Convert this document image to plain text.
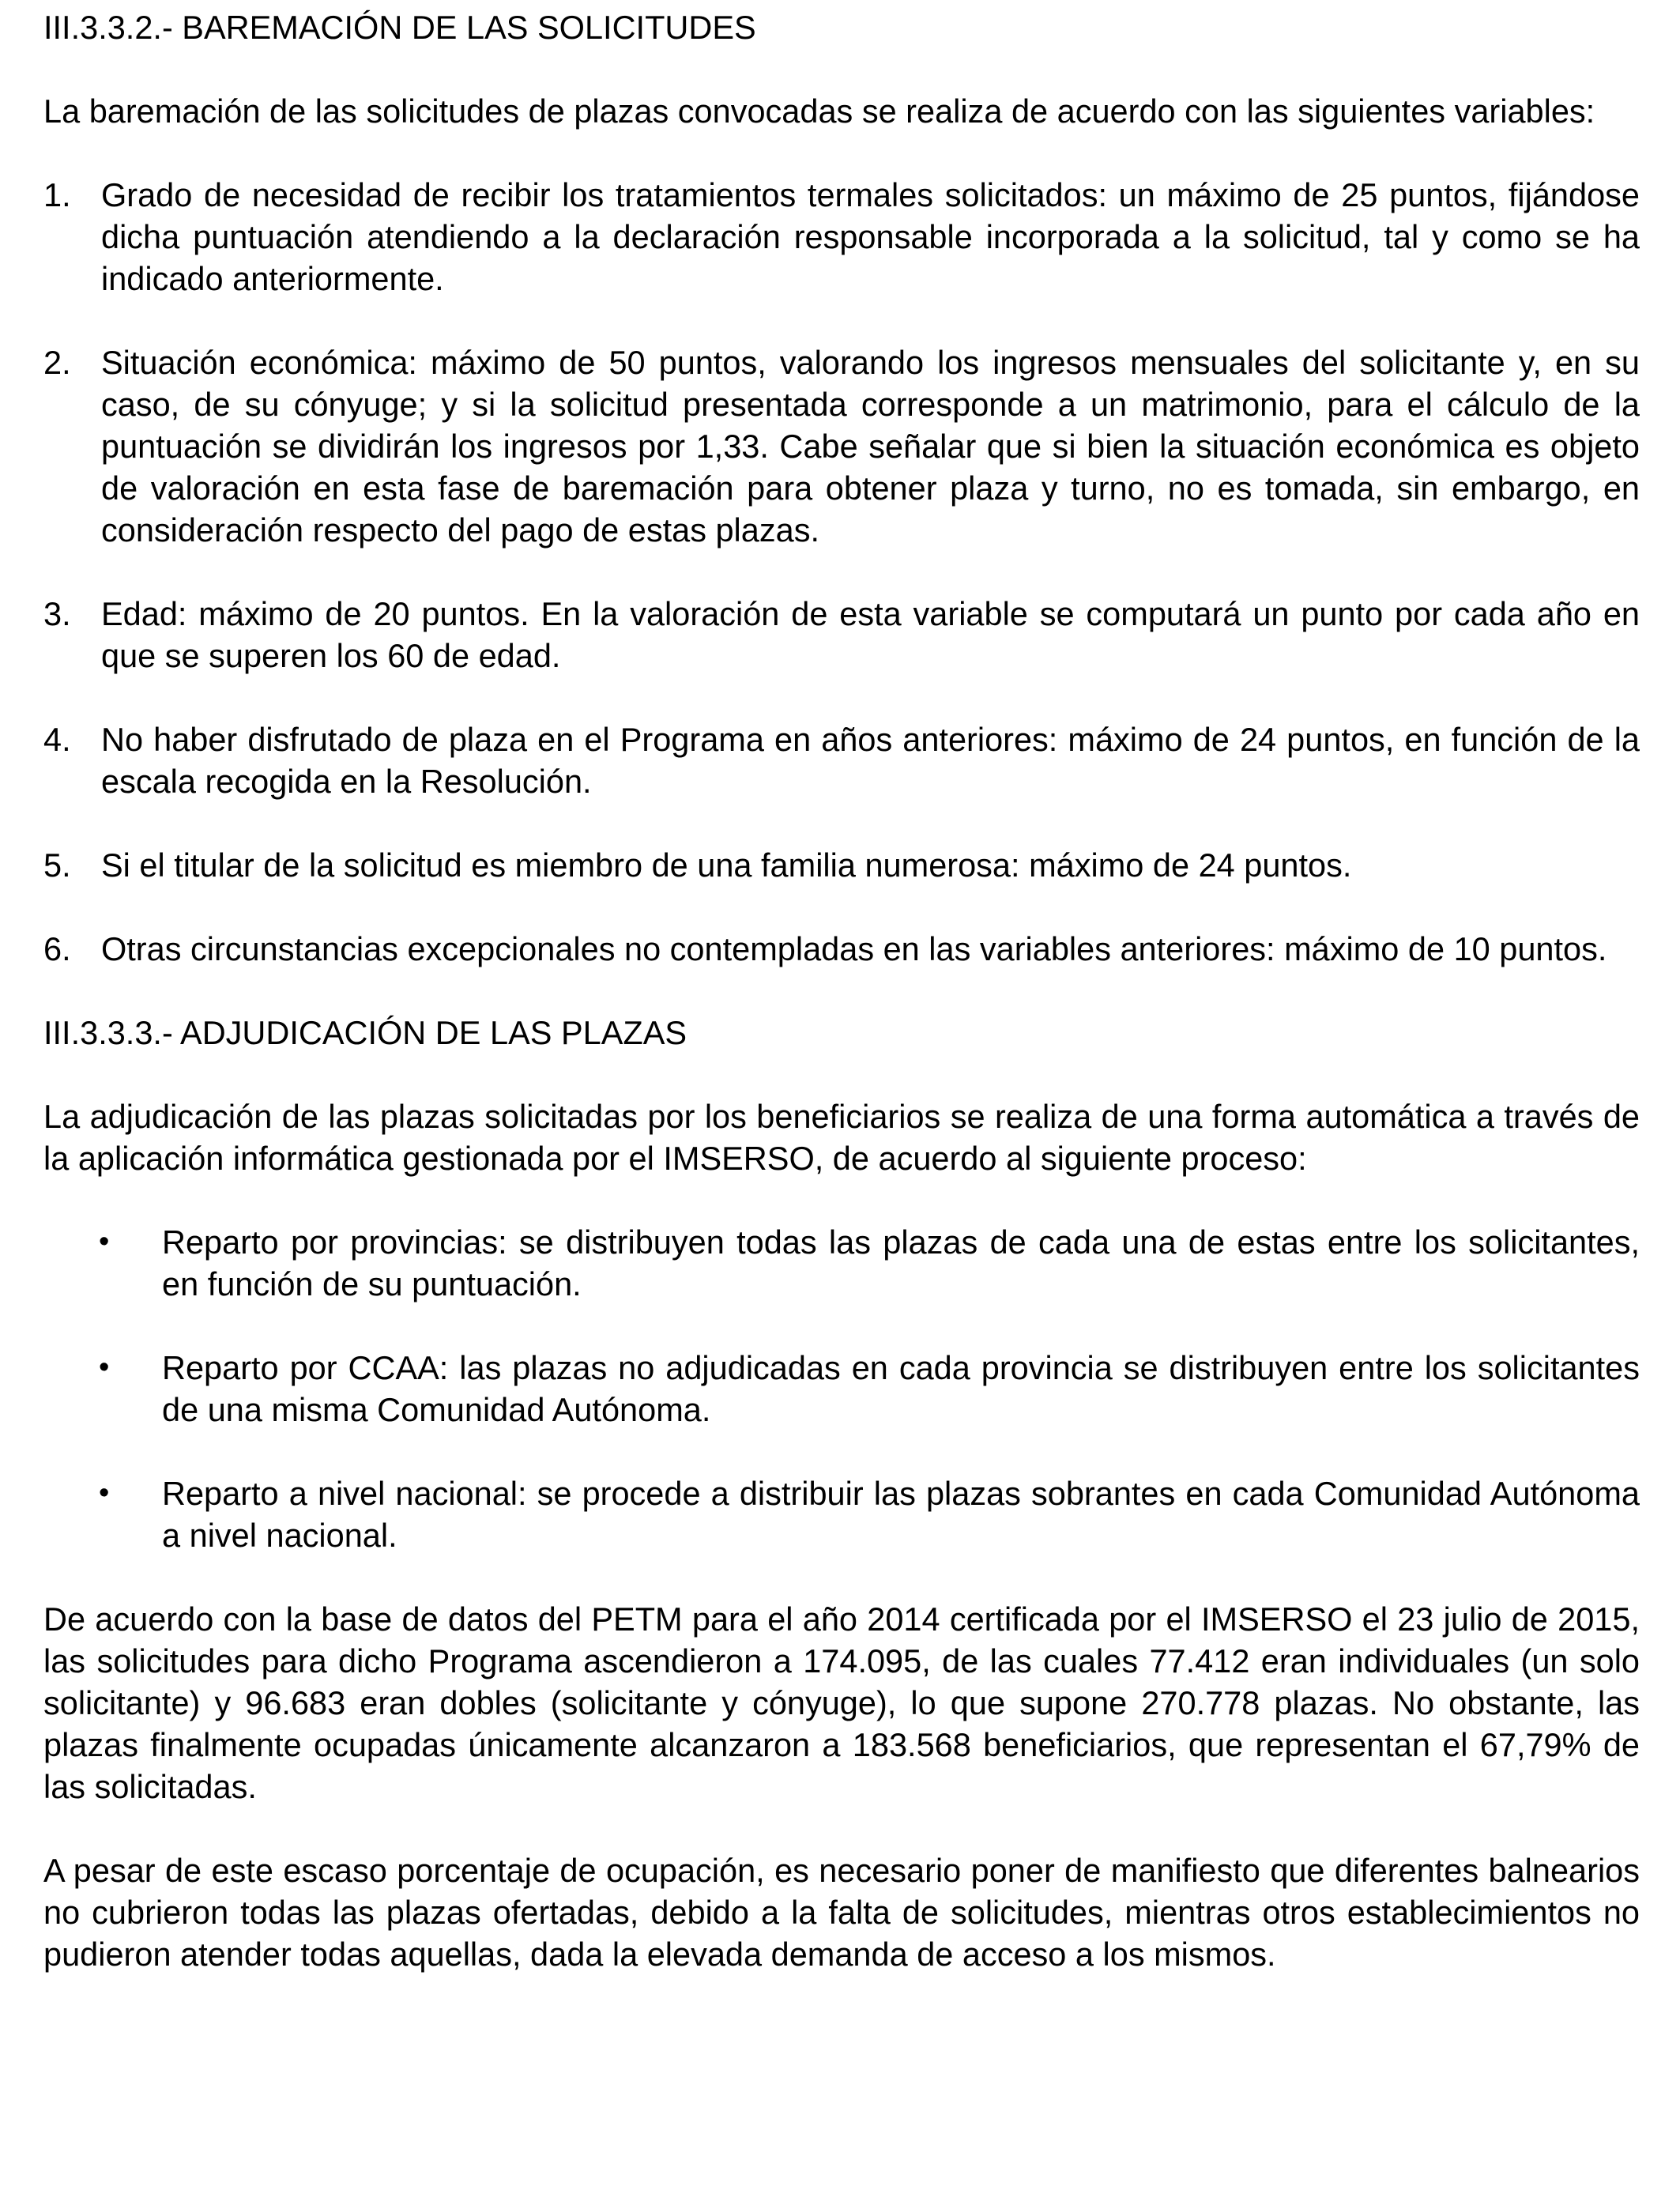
III.3.3.2.- BAREMACIÓN DE LAS SOLICITUDES

La baremación de las solicitudes de plazas convocadas se realiza de acuerdo con las siguientes variables:

1. Grado de necesidad de recibir los tratamientos termales solicitados: un máximo de 25 puntos, fijándose dicha puntuación atendiendo a la declaración responsable incorporada a la solicitud, tal y como se ha indicado anteriormente.
2. Situación económica: máximo de 50 puntos, valorando los ingresos mensuales del solicitante y, en su caso, de su cónyuge; y si la solicitud presentada corresponde a un matrimonio, para el cálculo de la puntuación se dividirán los ingresos por 1,33. Cabe señalar que si bien la situación económica es objeto de valoración en esta fase de baremación para obtener plaza y turno, no es tomada, sin embargo, en consideración respecto del pago de estas plazas.
3. Edad: máximo de 20 puntos. En la valoración de esta variable se computará un punto por cada año en que se superen los 60 de edad.
4. No haber disfrutado de plaza en el Programa en años anteriores: máximo de 24 puntos, en función de la escala recogida en la Resolución.
5. Si el titular de la solicitud es miembro de una familia numerosa: máximo de 24 puntos.
6. Otras circunstancias excepcionales no contempladas en las variables anteriores: máximo de 10 puntos.
III.3.3.3.- ADJUDICACIÓN DE LAS PLAZAS

La adjudicación de las plazas solicitadas por los beneficiarios se realiza de una forma automática a través de la aplicación informática gestionada por el IMSERSO, de acuerdo al siguiente proceso:

• Reparto por provincias: se distribuyen todas las plazas de cada una de estas entre los solicitantes, en función de su puntuación.
• Reparto por CCAA: las plazas no adjudicadas en cada provincia se distribuyen entre los solicitantes de una misma Comunidad Autónoma.
• Reparto a nivel nacional: se procede a distribuir las plazas sobrantes en cada Comunidad Autónoma a nivel nacional.

De acuerdo con la base de datos del PETM para el año 2014 certificada por el IMSERSO el 23 julio de 2015, las solicitudes para dicho Programa ascendieron a 174.095, de las cuales 77.412 eran individuales (un solo solicitante) y 96.683 eran dobles (solicitante y cónyuge), lo que supone 270.778 plazas. No obstante, las plazas finalmente ocupadas únicamente alcanzaron a 183.568 beneficiarios, que representan el 67,79% de las solicitadas.

A pesar de este escaso porcentaje de ocupación, es necesario poner de manifiesto que diferentes balnearios no cubrieron todas las plazas ofertadas, debido a la falta de solicitudes, mientras otros establecimientos no pudieron atender todas aquellas, dada la elevada demanda de acceso a los mismos.
